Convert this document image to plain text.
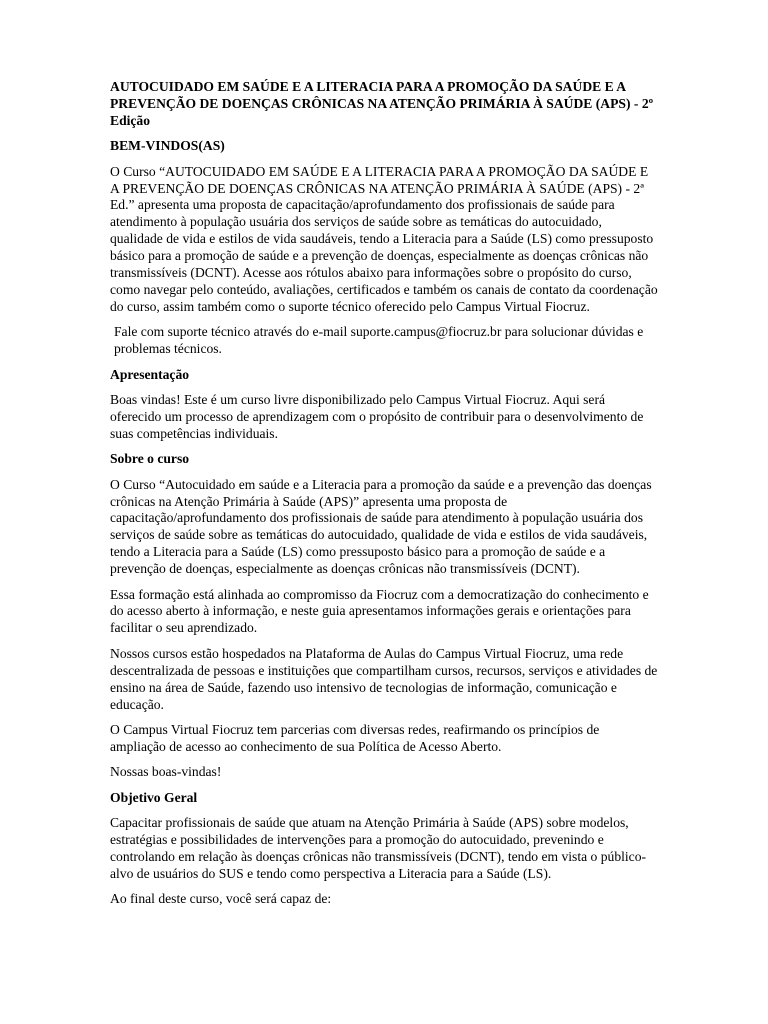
AUTOCUIDADO EM SAÚDE E A LITERACIA PARA A PROMOÇÃO DA SAÚDE E A PREVENÇÃO DE DOENÇAS CRÔNICAS NA ATENÇÃO PRIMÁRIA À SAÚDE (APS) - 2º Edição

BEM-VINDOS(AS)

O Curso “AUTOCUIDADO EM SAÚDE E A LITERACIA PARA A PROMOÇÃO DA SAÚDE E A PREVENÇÃO DE DOENÇAS CRÔNICAS NA ATENÇÃO PRIMÁRIA À SAÚDE (APS) - 2ª Ed.” apresenta uma proposta de capacitação/aprofundamento dos profissionais de saúde para atendimento à população usuária dos serviços de saúde sobre as temáticas do autocuidado, qualidade de vida e estilos de vida saudáveis, tendo a Literacia para a Saúde (LS) como pressuposto básico para a promoção de saúde e a prevenção de doenças, especialmente as doenças crônicas não transmissíveis (DCNT). Acesse aos rótulos abaixo para informações sobre o propósito do curso, como navegar pelo conteúdo, avaliações, certificados e também os canais de contato da coordenação do curso, assim também como o suporte técnico oferecido pelo Campus Virtual Fiocruz.

Fale com suporte técnico através do e-mail suporte.campus@fiocruz.br para solucionar dúvidas e problemas técnicos.

Apresentação

Boas vindas! Este é um curso livre disponibilizado pelo Campus Virtual Fiocruz. Aqui será oferecido um processo de aprendizagem com o propósito de contribuir para o desenvolvimento de suas competências individuais.

Sobre o curso

O Curso “Autocuidado em saúde e a Literacia para a promoção da saúde e a prevenção das doenças crônicas na Atenção Primária à Saúde (APS)” apresenta uma proposta de capacitação/aprofundamento dos profissionais de saúde para atendimento à população usuária dos serviços de saúde sobre as temáticas do autocuidado, qualidade de vida e estilos de vida saudáveis, tendo a Literacia para a Saúde (LS) como pressuposto básico para a promoção de saúde e a prevenção de doenças, especialmente as doenças crônicas não transmissíveis (DCNT).

Essa formação está alinhada ao compromisso da Fiocruz com a democratização do conhecimento e do acesso aberto à informação, e neste guia apresentamos informações gerais e orientações para facilitar o seu aprendizado.

Nossos cursos estão hospedados na Plataforma de Aulas do Campus Virtual Fiocruz, uma rede descentralizada de pessoas e instituições que compartilham cursos, recursos, serviços e atividades de ensino na área de Saúde, fazendo uso intensivo de tecnologias de informação, comunicação e educação.

O Campus Virtual Fiocruz tem parcerias com diversas redes, reafirmando os princípios de ampliação de acesso ao conhecimento de sua Política de Acesso Aberto.

Nossas boas-vindas!

Objetivo Geral

Capacitar profissionais de saúde que atuam na Atenção Primária à Saúde (APS) sobre modelos, estratégias e possibilidades de intervenções para a promoção do autocuidado, prevenindo e controlando em relação às doenças crônicas não transmissíveis (DCNT), tendo em vista o público-alvo de usuários do SUS e tendo como perspectiva a Literacia para a Saúde (LS).

Ao final deste curso, você será capaz de:
